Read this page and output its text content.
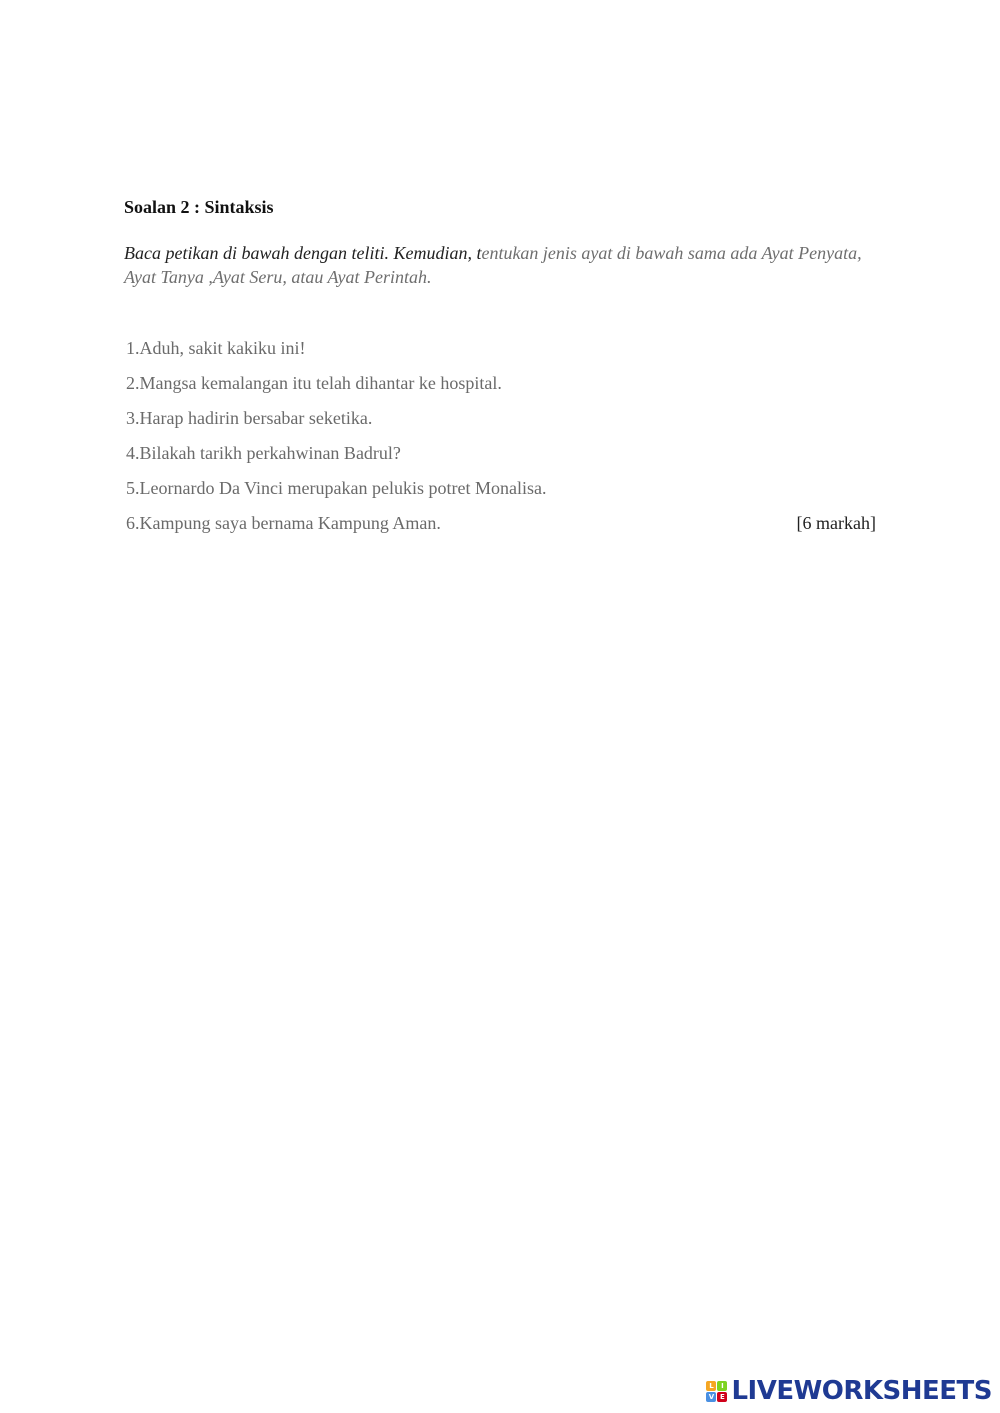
Soalan 2 : Sintaksis
Baca petikan di bawah dengan teliti. Kemudian, tentukan jenis ayat di bawah sama ada Ayat Penyata, Ayat Tanya ,Ayat Seru, atau Ayat Perintah.
1.Aduh, sakit kakiku ini!
2.Mangsa kemalangan itu telah dihantar ke hospital.
3.Harap hadirin bersabar seketika.
4.Bilakah tarikh perkahwinan Badrul?
5.Leornardo Da Vinci merupakan pelukis potret Monalisa.
6.Kampung saya bernama Kampung Aman.	[6 markah]
L	I
V E LIVEWORKSHEETS
